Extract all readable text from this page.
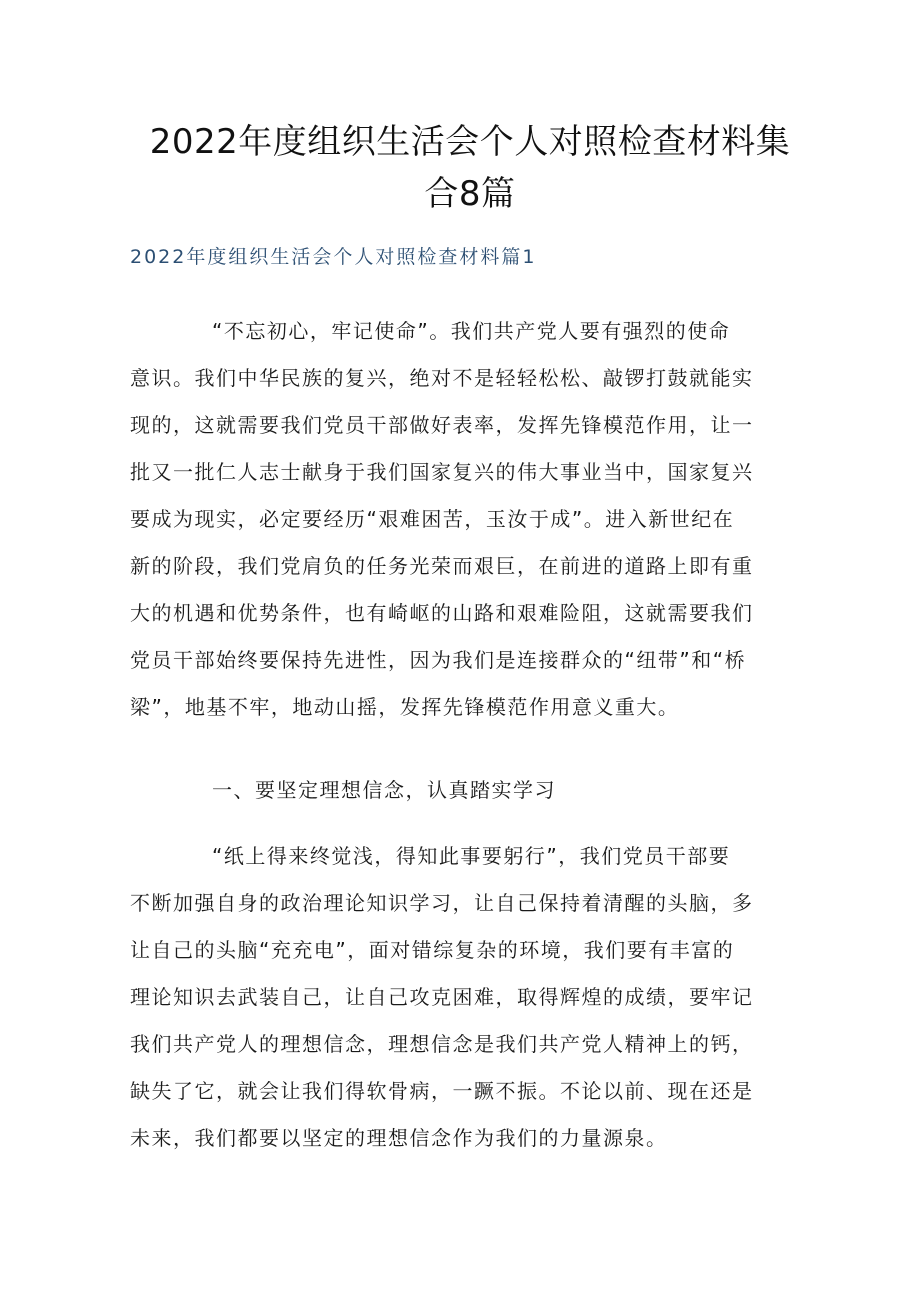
2022年度组织生活会个人对照检查材料集
合8篇
2022年度组织生活会个人对照检查材料篇1
“不忘初心，牢记使命”。我们共产党人要有强烈的使命
意识。我们中华民族的复兴，绝对不是轻轻松松、敲锣打鼓就能实
现的，这就需要我们党员干部做好表率，发挥先锋模范作用，让一
批又一批仁人志士献身于我们国家复兴的伟大事业当中，国家复兴
要成为现实，必定要经历“艰难困苦，玉汝于成”。进入新世纪在
新的阶段，我们党肩负的任务光荣而艰巨，在前进的道路上即有重
大的机遇和优势条件，也有崎岖的山路和艰难险阻，这就需要我们
党员干部始终要保持先进性，因为我们是连接群众的“纽带”和“桥
梁”，地基不牢，地动山摇，发挥先锋模范作用意义重大。
一、要坚定理想信念，认真踏实学习
“纸上得来终觉浅，得知此事要躬行”，我们党员干部要
不断加强自身的政治理论知识学习，让自己保持着清醒的头脑，多
让自己的头脑“充充电”，面对错综复杂的环境，我们要有丰富的
理论知识去武装自己，让自己攻克困难，取得辉煌的成绩，要牢记
我们共产党人的理想信念，理想信念是我们共产党人精神上的钙，
缺失了它，就会让我们得软骨病，一蹶不振。不论以前、现在还是
未来，我们都要以坚定的理想信念作为我们的力量源泉。
